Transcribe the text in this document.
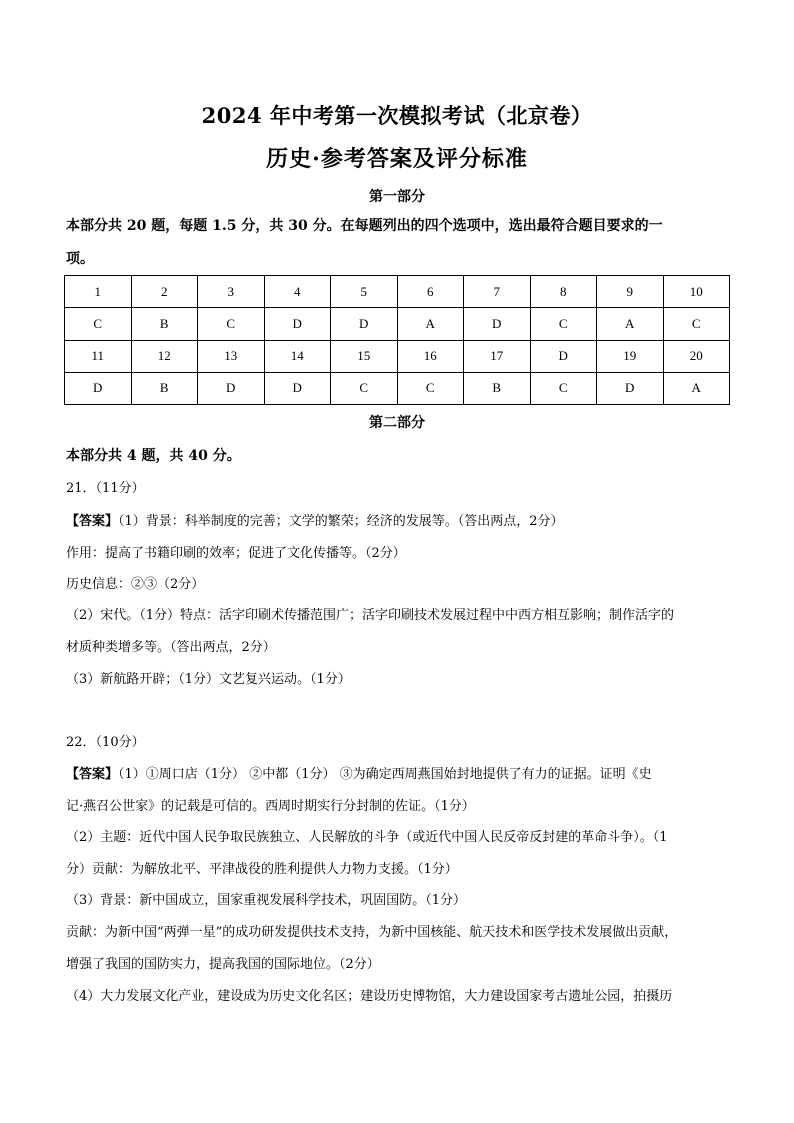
2024 年中考第一次模拟考试（北京卷）
历史·参考答案及评分标准
第一部分
本部分共 20 题，每题 1.5 分，共 30 分。在每题列出的四个选项中，选出最符合题目要求的一
项。
1	2	3	4	5	6	7	8	9	10
C	B	C	D	D	A	D	C	A	C
11	12	13	14	15	16	17	D	19	20
D	B	D	D	C	C	B	C	D	A
第二部分
本部分共 4 题，共 40 分。
21．（11分）
【答案】（1）背景：科举制度的完善；文学的繁荣；经济的发展等。（答出两点，2分）
作用：提高了书籍印刷的效率；促进了文化传播等。（2分）
历史信息：②③（2分）
（2）宋代。（1分）特点：活字印刷术传播范围广；活字印刷技术发展过程中中西方相互影响；制作活字的
材质种类增多等。（答出两点，2分）
（3）新航路开辟；（1分）文艺复兴运动。（1分）
22．（10分）
【答案】（1）①周口店（1分） ②中都（1分） ③为确定西周燕国始封地提供了有力的证据。证明《史
记·燕召公世家》的记载是可信的。西周时期实行分封制的佐证。（1分）
（2）主题：近代中国人民争取民族独立、人民解放的斗争（或近代中国人民反帝反封建的革命斗争）。（1
分）贡献：为解放北平、平津战役的胜利提供人力物力支援。（1分）
（3）背景：新中国成立，国家重视发展科学技术，巩固国防。（1分）
贡献：为新中国“两弹一星”的成功研发提供技术支持，为新中国核能、航天技术和医学技术发展做出贡献，
增强了我国的国防实力，提高我国的国际地位。（2分）
（4）大力发展文化产业，建设成为历史文化名区；建设历史博物馆，大力建设国家考古遗址公园，拍摄历
